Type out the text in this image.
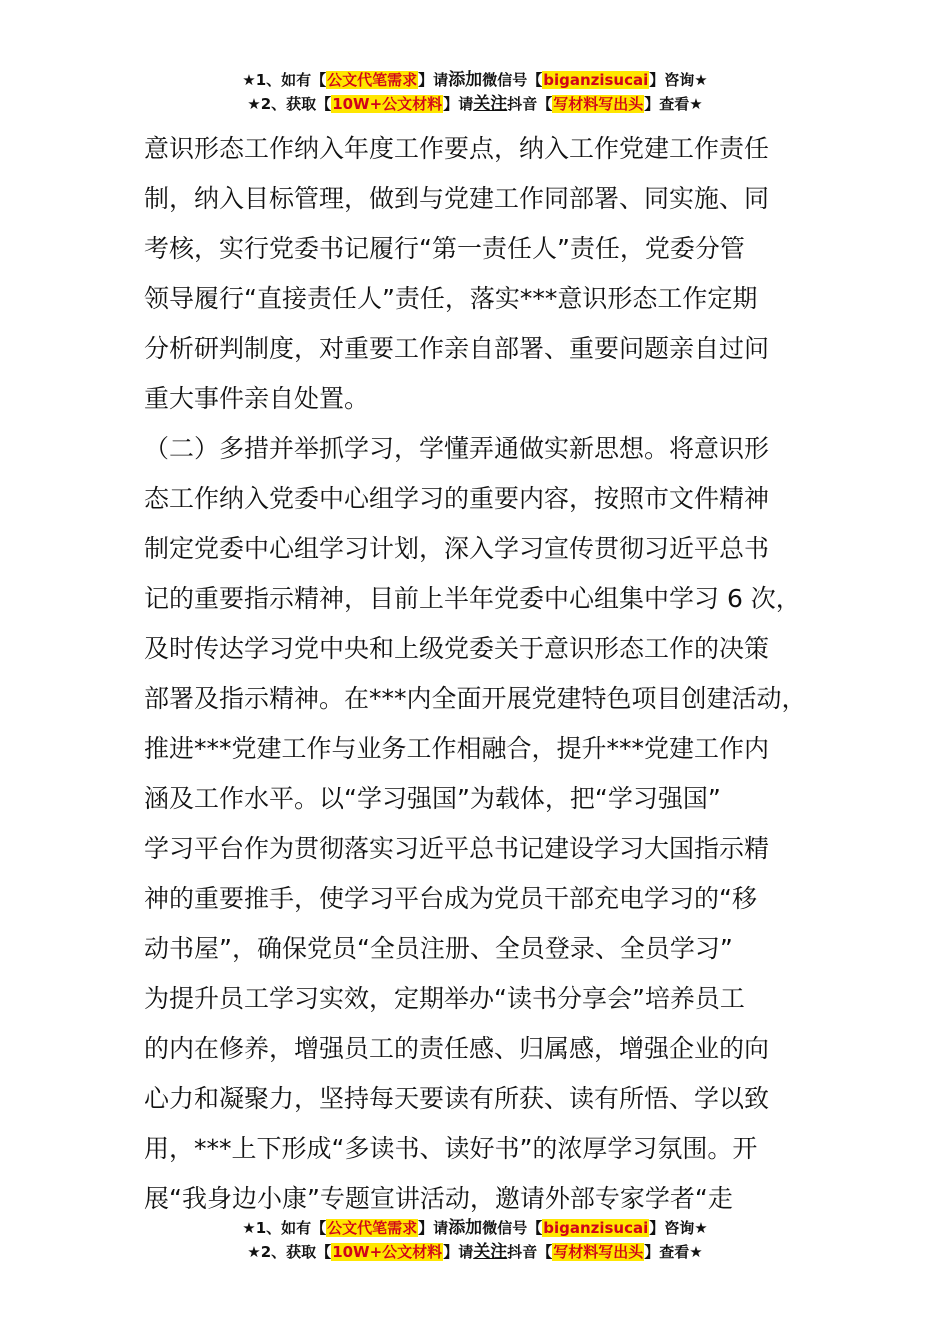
★1、如有【公文代笔需求】请添加微信号【biganzisucai】咨询★
★2、获取【10W+公文材料】请关注抖音【写材料写出头】查看★
意识形态工作纳入年度工作要点，纳入工作党建工作责任
制，纳入目标管理，做到与党建工作同部署、同实施、同
考核，实行党委书记履行“第一责任人”责任，党委分管
领导履行“直接责任人”责任，落实***意识形态工作定期
分析研判制度，对重要工作亲自部署、重要问题亲自过问
重大事件亲自处置。
（二）多措并举抓学习，学懂弄通做实新思想。将意识形
态工作纳入党委中心组学习的重要内容，按照市文件精神
制定党委中心组学习计划，深入学习宣传贯彻习近平总书
记的重要指示精神，目前上半年党委中心组集中学习 6 次，
及时传达学习党中央和上级党委关于意识形态工作的决策
部署及指示精神。在***内全面开展党建特色项目创建活动，
推进***党建工作与业务工作相融合，提升***党建工作内
涵及工作水平。以“学习强国”为载体，把“学习强国”
学习平台作为贯彻落实习近平总书记建设学习大国指示精
神的重要推手，使学习平台成为党员干部充电学习的“移
动书屋”，确保党员“全员注册、全员登录、全员学习”
为提升员工学习实效，定期举办“读书分享会”培养员工
的内在修养，增强员工的责任感、归属感，增强企业的向
心力和凝聚力，坚持每天要读有所获、读有所悟、学以致
用，***上下形成“多读书、读好书”的浓厚学习氛围。开
展“我身边小康”专题宣讲活动，邀请外部专家学者“走
★1、如有【公文代笔需求】请添加微信号【biganzisucai】咨询★
★2、获取【10W+公文材料】请关注抖音【写材料写出头】查看★
